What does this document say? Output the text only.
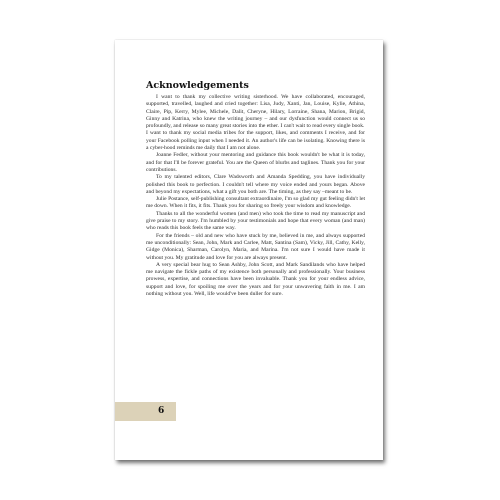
Acknowledgements

I want to thank my collective writing sisterhood. We have collaborated, encouraged, supported, travelled, laughed and cried together: Lisa, Judy, Xanti, Jan, Louise, Kylie, Athina, Claire, Pip, Kerry, Mylee, Michele, Dalit, Cheryne, Hilary, Lorraine, Shana, Marion, Brigid, Ginny and Katrina, who knew the writing journey – and our dysfunction would connect us so profoundly, and release so many great stories into the ether. I can't wait to read every single book.

I want to thank my social media tribes for the support, likes, and comments I receive, and for your Facebook polling input when I needed it. An author's life can be isolating. Knowing there is a cyber-hood reminds me daily that I am not alone.

Joanne Fedler, without your mentoring and guidance this book wouldn't be what it is today, and for that I'll be forever grateful. You are the Queen of blurbs and taglines. Thank you for your contributions.

To my talented editors, Clare Wadsworth and Amanda Spedding, you have individually polished this book to perfection. I couldn't tell where my voice ended and yours began. Above and beyond my expectations, what a gift you both are. The timing, as they say –meant to be.

Julie Postance, self-publishing consultant extraordinaire, I'm so glad my gut feeling didn't let me down. When it fits, it fits. Thank you for sharing so freely your wisdom and knowledge.

Thanks to all the wonderful women (and men) who took the time to read my manuscript and give praise to my story. I'm humbled by your testimonials and hope that every woman (and man) who reads this book feels the same way.

For the friends – old and new who have stuck by me, believed in me, and always supported me unconditionally: Sean, John, Mark and Carlee, Matt, Santina (Sam), Vicky, Jill, Cathy, Kelly, Gidge (Monica), Sharman, Carolyn, Maria, and Marina. I'm not sure I would have made it without you. My gratitude and love for you are always present.

A very special bear hug to Sean Ashby, John Scott, and Mark Sandilands who have helped me navigate the fickle paths of my existence both personally and professionally. Your business prowess, expertise, and connections have been invaluable. Thank you for your endless advice, support and love, for spoiling me over the years and for your unwavering faith in me. I am nothing without you. Well, life would've been duller for sure.

6
